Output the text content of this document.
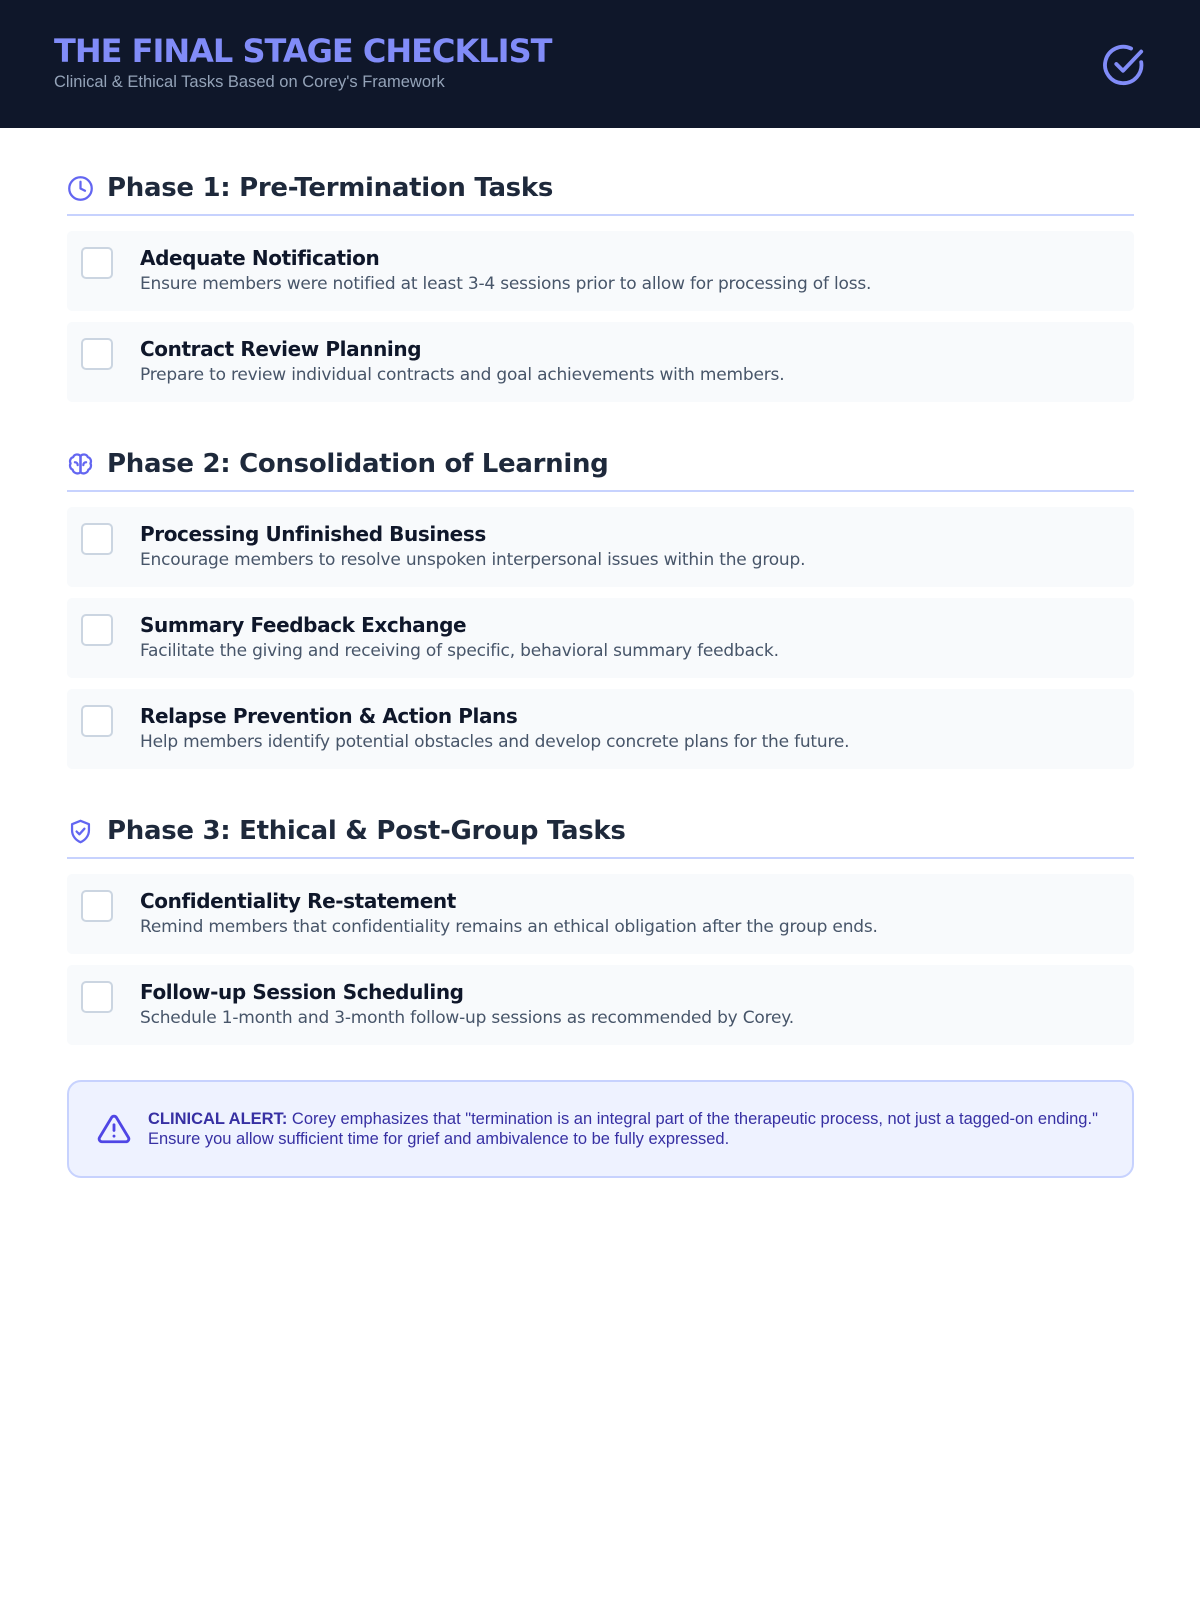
THE FINAL STAGE CHECKLIST
Clinical & Ethical Tasks Based on Corey's Framework
Phase 1: Pre-Termination Tasks
Adequate Notification
Ensure members were notified at least 3-4 sessions prior to allow for processing of loss.
Contract Review Planning
Prepare to review individual contracts and goal achievements with members.
Phase 2: Consolidation of Learning
Processing Unfinished Business
Encourage members to resolve unspoken interpersonal issues within the group.
Summary Feedback Exchange
Facilitate the giving and receiving of specific, behavioral summary feedback.
Relapse Prevention & Action Plans
Help members identify potential obstacles and develop concrete plans for the future.
Phase 3: Ethical & Post-Group Tasks
Confidentiality Re-statement
Remind members that confidentiality remains an ethical obligation after the group ends.
Follow-up Session Scheduling
Schedule 1-month and 3-month follow-up sessions as recommended by Corey.
CLINICAL ALERT: Corey emphasizes that "termination is an integral part of the therapeutic process, not just a tagged-on ending." Ensure you allow sufficient time for grief and ambivalence to be fully expressed.
